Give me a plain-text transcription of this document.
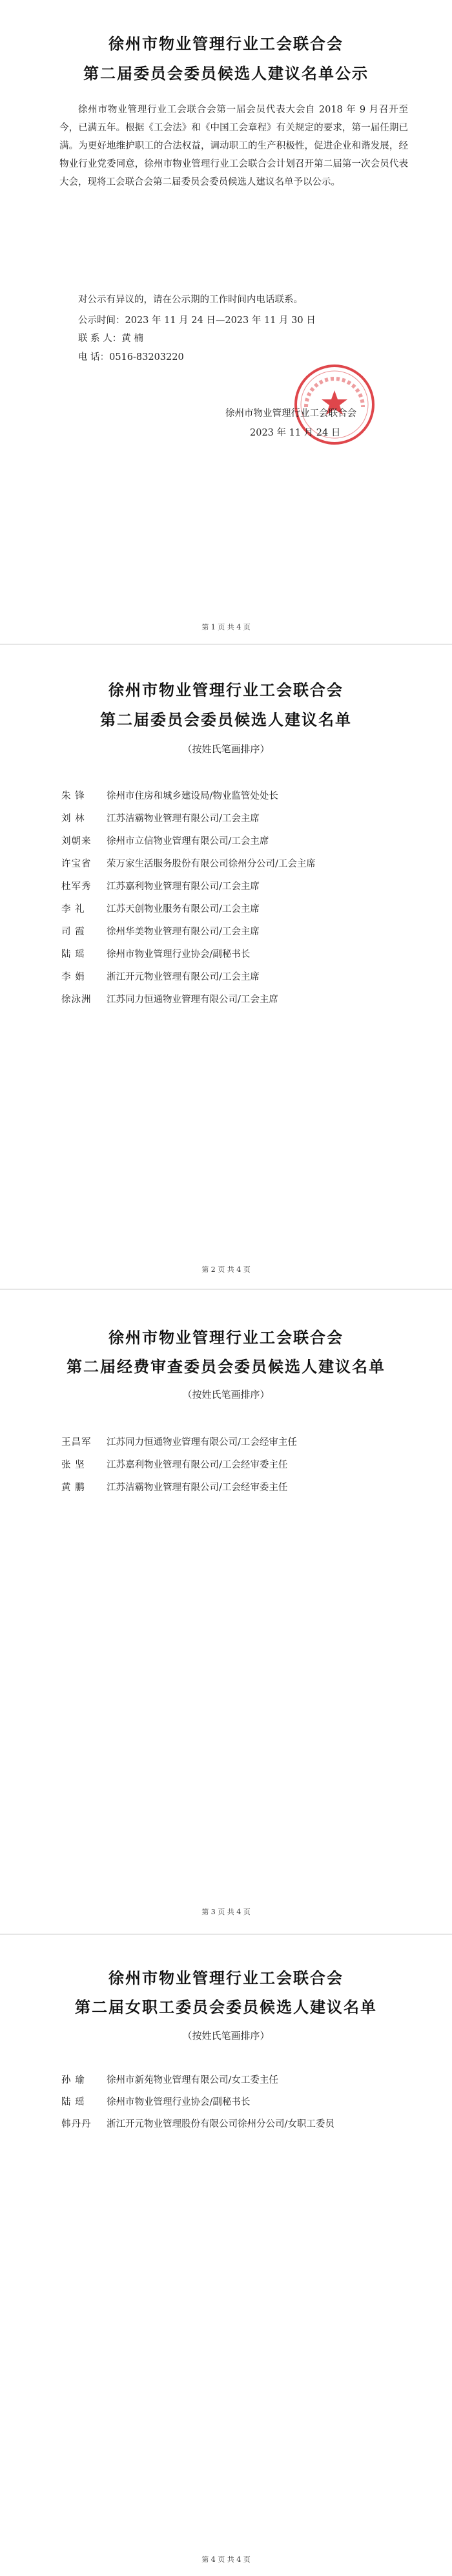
徐州市物业管理行业工会联合会
第二届委员会委员候选人建议名单公示
徐州市物业管理行业工会联合会第一届会员代表大会自 2018 年 9 月召开至今，已满五年。根据《工会法》和《中国工会章程》有关规定的要求，第一届任期已满。为更好地维护职工的合法权益，调动职工的生产积极性，促进企业和谐发展，经物业行业党委同意，徐州市物业管理行业工会联合会计划召开第二届第一次会员代表大会，现将工会联合会第二届委员会委员候选人建议名单予以公示。
对公示有异议的，请在公示期的工作时间内电话联系。
公示时间：2023 年 11 月 24 日—2023 年 11 月 30 日
联 系 人：黄 楠
电 话：0516-83203220
徐州市物业管理行业工会联合会
2023 年 11 月 24 日
第 1 页 共 4 页
徐州市物业管理行业工会联合会
第二届委员会委员候选人建议名单
（按姓氏笔画排序）
朱 锋 徐州市住房和城乡建设局/物业监管处处长
刘 林 江苏洁霸物业管理有限公司/工会主席
刘朝来 徐州市立信物业管理有限公司/工会主席
许宝省 荣万家生活服务股份有限公司徐州分公司/工会主席
杜军秀 江苏嘉利物业管理有限公司/工会主席
李 礼 江苏天创物业服务有限公司/工会主席
司 霞 徐州华美物业管理有限公司/工会主席
陆 瑶 徐州市物业管理行业协会/副秘书长
李 娟 浙江开元物业管理有限公司/工会主席
徐泳洲 江苏同力恒通物业管理有限公司/工会主席
第 2 页 共 4 页
徐州市物业管理行业工会联合会
第二届经费审查委员会委员候选人建议名单
（按姓氏笔画排序）
王昌军 江苏同力恒通物业管理有限公司/工会经审主任
张 坚 江苏嘉利物业管理有限公司/工会经审委主任
黄 鹏 江苏洁霸物业管理有限公司/工会经审委主任
第 3 页 共 4 页
徐州市物业管理行业工会联合会
第二届女职工委员会委员候选人建议名单
（按姓氏笔画排序）
孙 瑜 徐州市新苑物业管理有限公司/女工委主任
陆 瑶 徐州市物业管理行业协会/副秘书长
韩丹丹 浙江开元物业管理股份有限公司徐州分公司/女职工委员
第 4 页 共 4 页
